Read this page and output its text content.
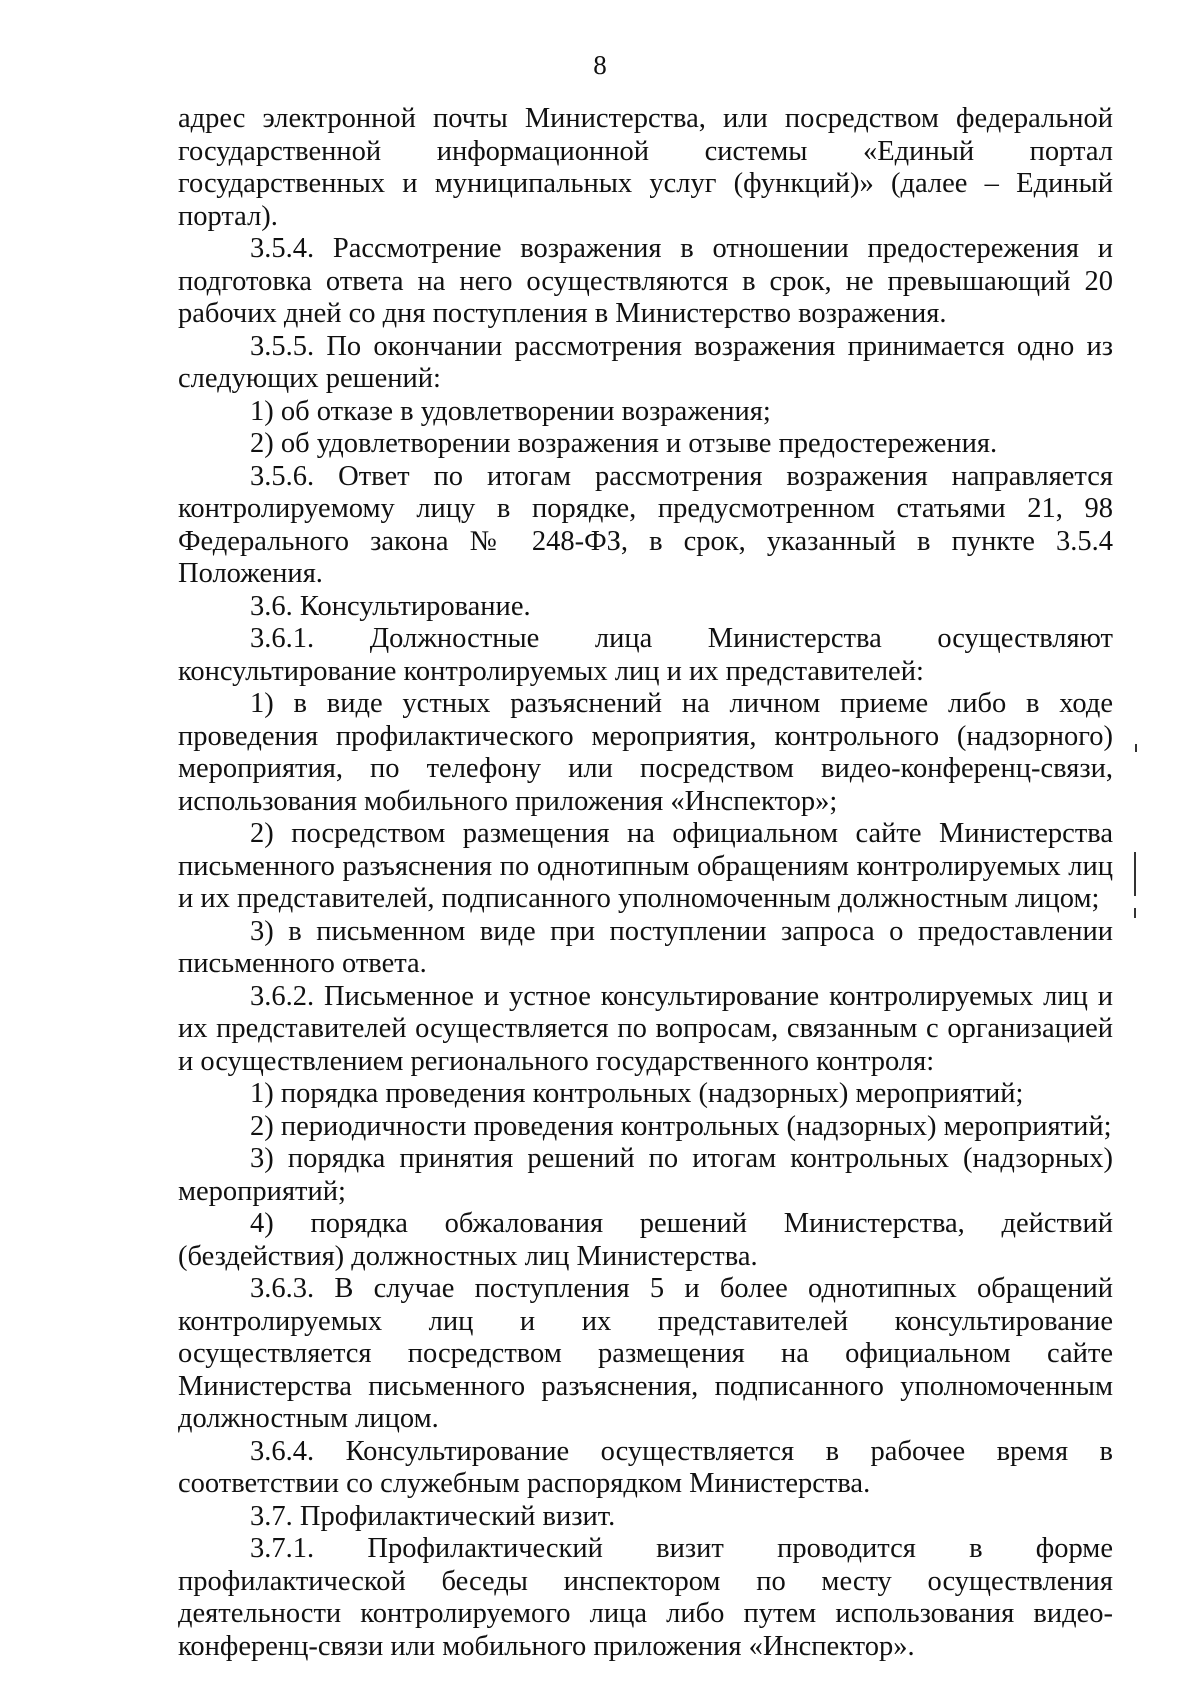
8

адрес электронной почты Министерства, или посредством федеральной государственной информационной системы «Единый портал государственных и муниципальных услуг (функций)» (далее – Единый портал).

3.5.4. Рассмотрение возражения в отношении предостережения и подготовка ответа на него осуществляются в срок, не превышающий 20 рабочих дней со дня поступления в Министерство возражения.

3.5.5. По окончании рассмотрения возражения принимается одно из следующих решений:

1) об отказе в удовлетворении возражения;

2) об удовлетворении возражения и отзыве предостережения.

3.5.6. Ответ по итогам рассмотрения возражения направляется контролируемому лицу в порядке, предусмотренном статьями 21, 98 Федерального закона № 248-ФЗ, в срок, указанный в пункте 3.5.4 Положения.

3.6. Консультирование.

3.6.1. Должностные лица Министерства осуществляют консультирование контролируемых лиц и их представителей:

1) в виде устных разъяснений на личном приеме либо в ходе проведения профилактического мероприятия, контрольного (надзорного) мероприятия, по телефону или посредством видео-конференц-связи, использования мобильного приложения «Инспектор»;

2) посредством размещения на официальном сайте Министерства письменного разъяснения по однотипным обращениям контролируемых лиц и их представителей, подписанного уполномоченным должностным лицом;

3) в письменном виде при поступлении запроса о предоставлении письменного ответа.

3.6.2. Письменное и устное консультирование контролируемых лиц и их представителей осуществляется по вопросам, связанным с организацией и осуществлением регионального государственного контроля:

1) порядка проведения контрольных (надзорных) мероприятий;

2) периодичности проведения контрольных (надзорных) мероприятий;

3) порядка принятия решений по итогам контрольных (надзорных) мероприятий;

4) порядка обжалования решений Министерства, действий (бездействия) должностных лиц Министерства.

3.6.3. В случае поступления 5 и более однотипных обращений контролируемых лиц и их представителей консультирование осуществляется посредством размещения на официальном сайте Министерства письменного разъяснения, подписанного уполномоченным должностным лицом.

3.6.4. Консультирование осуществляется в рабочее время в соответствии со служебным распорядком Министерства.

3.7. Профилактический визит.

3.7.1. Профилактический визит проводится в форме профилактической беседы инспектором по месту осуществления деятельности контролируемого лица либо путем использования видео-конференц-связи или мобильного приложения «Инспектор».
